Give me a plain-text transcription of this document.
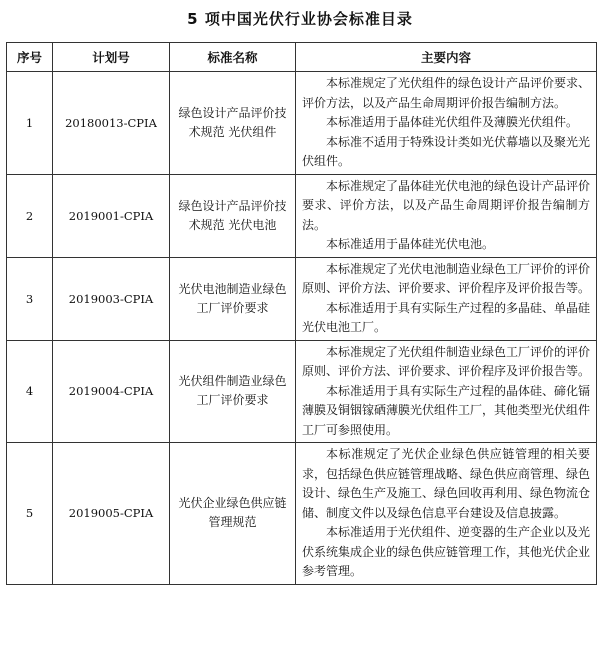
5 项中国光伏行业协会标准目录
序号	计划号	标准名称	主要内容
1	20180013-CPIA	绿色设计产品评价技术规范 光伏组件	本标准规定了光伏组件的绿色设计产品评价要求、评价方法，以及产品生命周期评价报告编制方法。

本标准适用于晶体硅光伏组件及薄膜光伏组件。

本标准不适用于特殊设计类如光伏幕墙以及聚光光伏组件。

2	2019001-CPIA	绿色设计产品评价技术规范 光伏电池	本标准规定了晶体硅光伏电池的绿色设计产品评价要求、评价方法，以及产品生命周期评价报告编制方法。

本标准适用于晶体硅光伏电池。

3	2019003-CPIA	光伏电池制造业绿色工厂评价要求	本标准规定了光伏电池制造业绿色工厂评价的评价原则、评价方法、评价要求、评价程序及评价报告等。

本标准适用于具有实际生产过程的多晶硅、单晶硅光伏电池工厂。

4	2019004-CPIA	光伏组件制造业绿色工厂评价要求	本标准规定了光伏组件制造业绿色工厂评价的评价原则、评价方法、评价要求、评价程序及评价报告等。

本标准适用于具有实际生产过程的晶体硅、碲化镉薄膜及铜铟镓硒薄膜光伏组件工厂，其他类型光伏组件工厂可参照使用。

5	2019005-CPIA	光伏企业绿色供应链管理规范	本标准规定了光伏企业绿色供应链管理的相关要求，包括绿色供应链管理战略、绿色供应商管理、绿色设计、绿色生产及施工、绿色回收再利用、绿色物流仓储、制度文件以及绿色信息平台建设及信息披露。

本标准适用于光伏组件、逆变器的生产企业以及光伏系统集成企业的绿色供应链管理工作，其他光伏企业参考管理。
